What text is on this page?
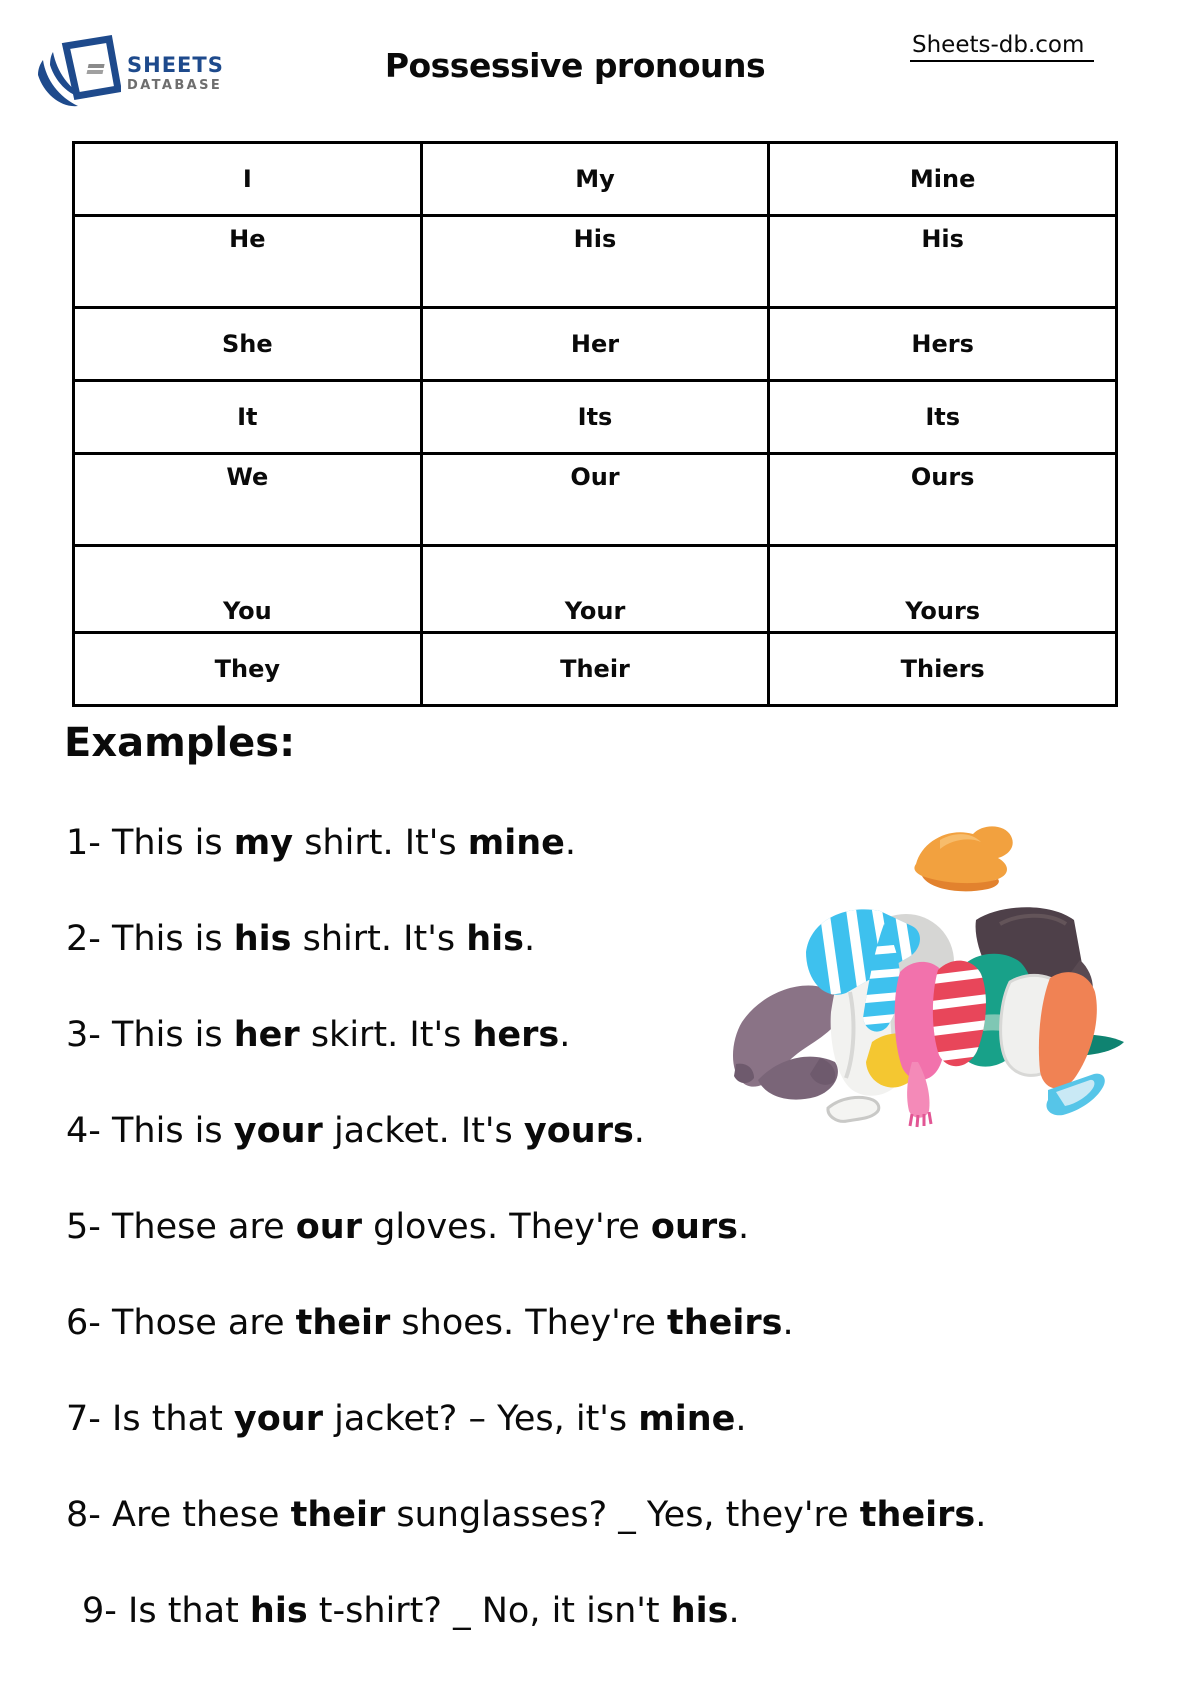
SHEETS
DATABASE	Possessive pronouns
Sheets-db.com
I	My	Mine
He	His	His
She	Her	Hers
It	Its	Its
We	Our	Ours
You	Your	Yours
They	Their	Thiers
Examples:

1- This is my shirt. It's mine.

2- This is his shirt. It's his.

3- This is her skirt. It's hers.

4- This is your jacket. It's yours.

5- These are our gloves. They're ours.

6- Those are their shoes. They're theirs.

7- Is that your jacket? – Yes, it's mine.

8- Are these their sunglasses? _ Yes, they're theirs.

9- Is that his t-shirt? _ No, it isn't his.
